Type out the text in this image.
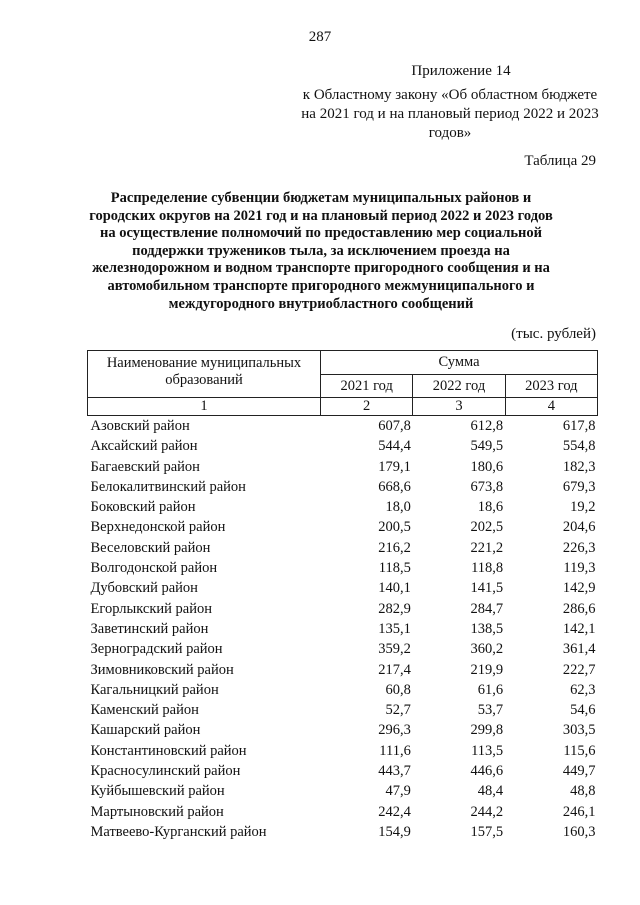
287
Приложение 14
к Областному закону «Об областном бюджете на 2021 год и на плановый период 2022 и 2023 годов»
Таблица 29
Распределение субвенции бюджетам муниципальных районов и городских округов на 2021 год и на плановый период 2022 и 2023 годов на осуществление полномочий по предоставлению мер социальной поддержки тружеников тыла, за исключением проезда на железнодорожном и водном транспорте пригородного сообщения и на автомобильном транспорте пригородного межмуниципального и междугородного внутриобластного сообщений
(тыс. рублей)
Наименование муниципальных образований	Сумма		
	2021 год	2022 год	2023 год
1	2	3	4
Азовский район	607,8	612,8	617,8
Аксайский район	544,4	549,5	554,8
Багаевский район	179,1	180,6	182,3
Белокалитвинский район	668,6	673,8	679,3
Боковский район	18,0	18,6	19,2
Верхнедонской район	200,5	202,5	204,6
Веселовский район	216,2	221,2	226,3
Волгодонской район	118,5	118,8	119,3
Дубовский район	140,1	141,5	142,9
Егорлыкский район	282,9	284,7	286,6
Заветинский район	135,1	138,5	142,1
Зерноградский район	359,2	360,2	361,4
Зимовниковский район	217,4	219,9	222,7
Кагальницкий район	60,8	61,6	62,3
Каменский район	52,7	53,7	54,6
Кашарский район	296,3	299,8	303,5
Константиновский район	111,6	113,5	115,6
Красносулинский район	443,7	446,6	449,7
Куйбышевский район	47,9	48,4	48,8
Мартыновский район	242,4	244,2	246,1
Матвеево-Курганский район	154,9	157,5	160,3
